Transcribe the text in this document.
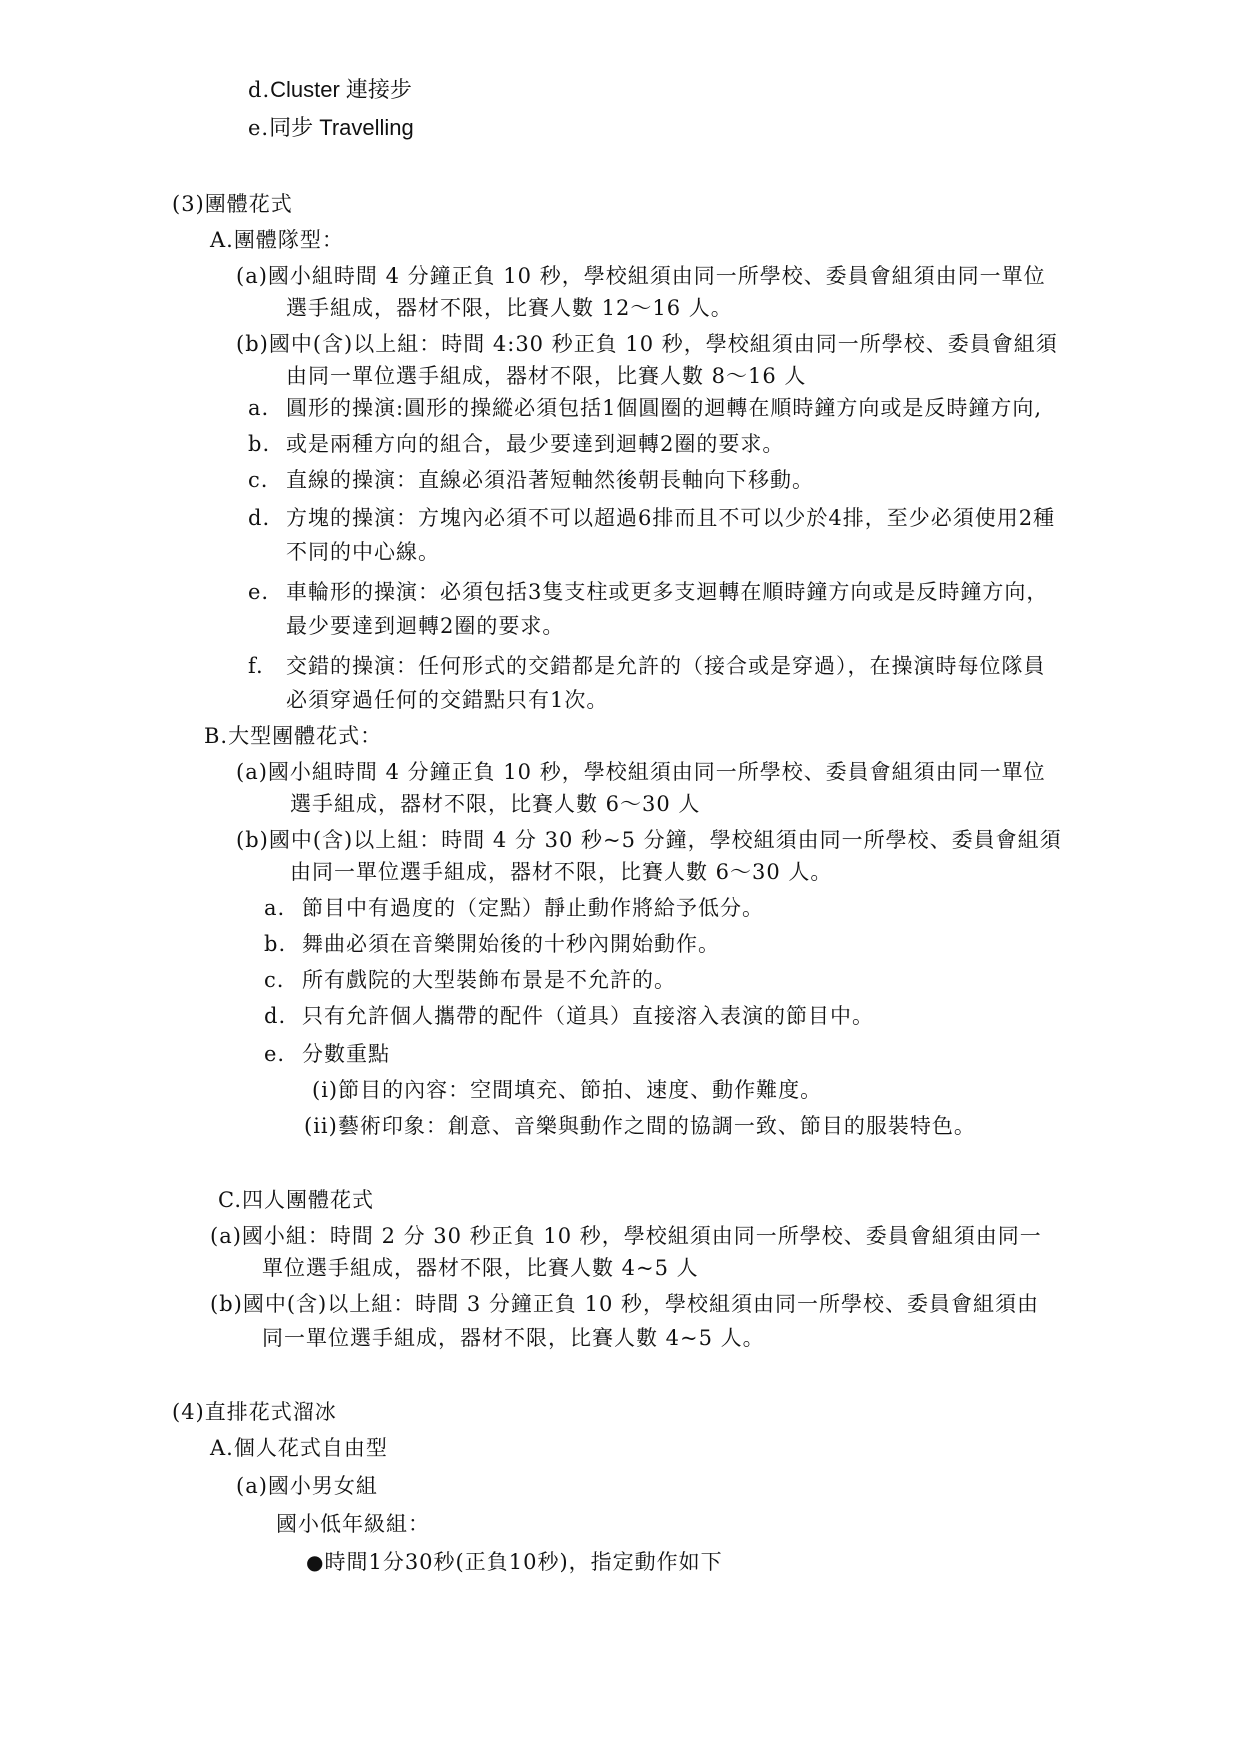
d.Cluster 連接步
e.同步 Travelling
(3)團體花式
A.團體隊型：
(a)國小組時間 4 分鐘正負 10 秒，學校組須由同一所學校、委員會組須由同一單位
選手組成，器材不限，比賽人數 12～16 人。
(b)國中(含)以上組：時間 4:30 秒正負 10 秒，學校組須由同一所學校、委員會組須
由同一單位選手組成，器材不限，比賽人數 8～16 人
a. 圓形的操演:圓形的操縱必須包括1個圓圈的迴轉在順時鐘方向或是反時鐘方向,
b. 或是兩種方向的組合，最少要達到迴轉2圈的要求。
c. 直線的操演：直線必須沿著短軸然後朝長軸向下移動。
d. 方塊的操演：方塊內必須不可以超過6排而且不可以少於4排，至少必須使用2種
不同的中心線。
e. 車輪形的操演：必須包括3隻支柱或更多支迴轉在順時鐘方向或是反時鐘方向，
最少要達到迴轉2圈的要求。
f. 交錯的操演：任何形式的交錯都是允許的（接合或是穿過），在操演時每位隊員
必須穿過任何的交錯點只有1次。
B.大型團體花式：
(a)國小組時間 4 分鐘正負 10 秒，學校組須由同一所學校、委員會組須由同一單位
選手組成，器材不限，比賽人數 6～30 人
(b)國中(含)以上組：時間 4 分 30 秒~5 分鐘，學校組須由同一所學校、委員會組須
由同一單位選手組成，器材不限，比賽人數 6～30 人。
a. 節目中有過度的（定點）靜止動作將給予低分。
b. 舞曲必須在音樂開始後的十秒內開始動作。
c. 所有戲院的大型裝飾布景是不允許的。
d. 只有允許個人攜帶的配件（道具）直接溶入表演的節目中。
e. 分數重點
(i)節目的內容：空間填充、節拍、速度、動作難度。
(ii)藝術印象：創意、音樂與動作之間的協調一致、節目的服裝特色。
C.四人團體花式
(a)國小組：時間 2 分 30 秒正負 10 秒，學校組須由同一所學校、委員會組須由同一
單位選手組成，器材不限，比賽人數 4~5 人
(b)國中(含)以上組：時間 3 分鐘正負 10 秒，學校組須由同一所學校、委員會組須由
同一單位選手組成，器材不限，比賽人數 4~5 人。
(4)直排花式溜冰
A.個人花式自由型
(a)國小男女組
國小低年級組：
●時間1分30秒(正負10秒)，指定動作如下
